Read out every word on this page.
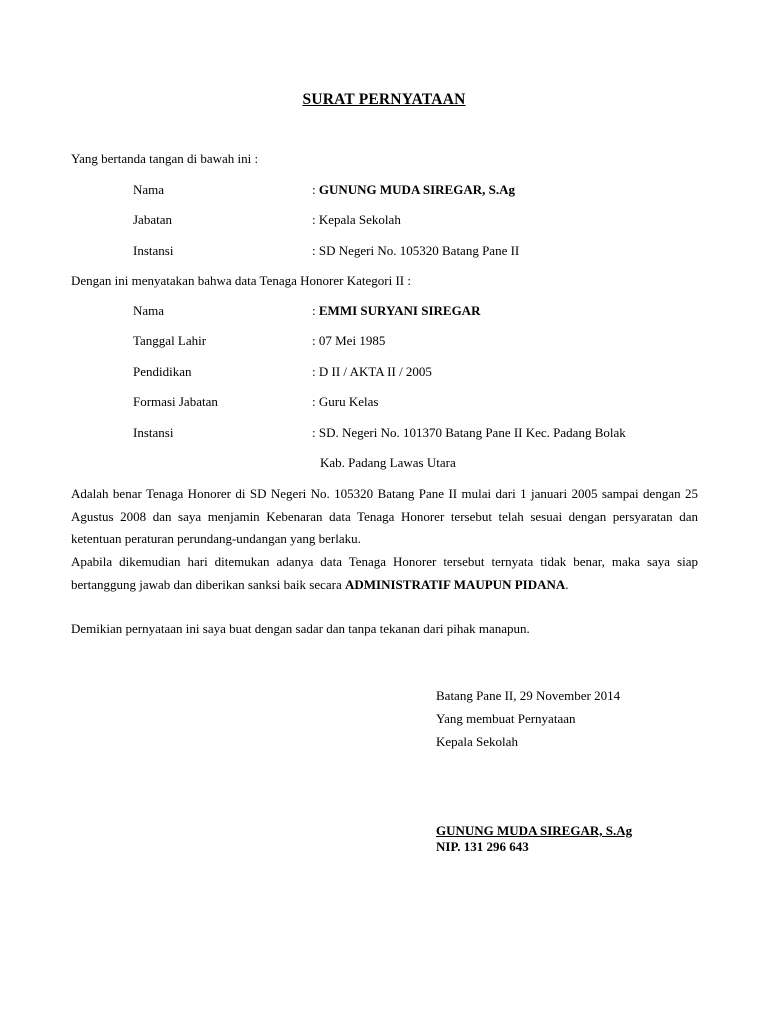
SURAT PERNYATAAN
Yang bertanda tangan di bawah ini :
Nama	: GUNUNG MUDA SIREGAR, S.Ag
Jabatan	: Kepala Sekolah
Instansi	: SD Negeri No. 105320 Batang Pane II
Dengan ini menyatakan bahwa data Tenaga Honorer Kategori II :
Nama	: EMMI SURYANI SIREGAR
Tanggal Lahir	: 07 Mei 1985
Pendidikan	: D II / AKTA II / 2005
Formasi Jabatan	: Guru Kelas
Instansi	: SD. Negeri No. 101370 Batang Pane II Kec. Padang Bolak
Kab. Padang Lawas Utara
Adalah benar Tenaga Honorer di SD Negeri No. 105320 Batang Pane II mulai dari 1 januari 2005 sampai dengan 25 Agustus 2008 dan saya menjamin Kebenaran data Tenaga Honorer tersebut telah sesuai dengan persyaratan dan ketentuan peraturan perundang-undangan yang berlaku.
Apabila dikemudian hari ditemukan adanya data Tenaga Honorer tersebut ternyata tidak benar, maka saya siap bertanggung jawab dan diberikan sanksi baik secara ADMINISTRATIF MAUPUN PIDANA.
Demikian pernyataan ini saya buat dengan sadar dan tanpa tekanan dari pihak manapun.
Batang Pane II, 29 November 2014
Yang membuat Pernyataan
Kepala Sekolah
GUNUNG MUDA SIREGAR, S.Ag
NIP. 131 296 643
